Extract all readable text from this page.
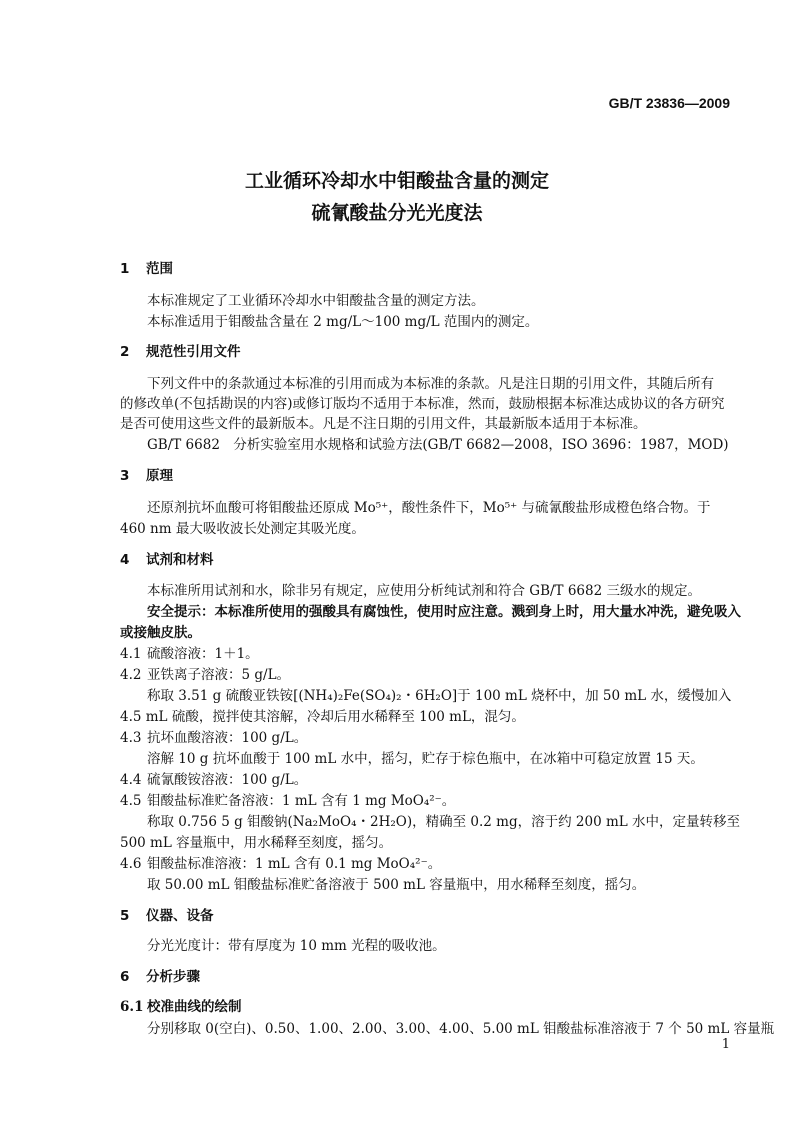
GB/T 23836—2009
工业循环冷却水中钼酸盐含量的测定
硫氰酸盐分光光度法
1 范围
本标准规定了工业循环冷却水中钼酸盐含量的测定方法。
本标准适用于钼酸盐含量在 2 mg/L～100 mg/L 范围内的测定。
2 规范性引用文件
下列文件中的条款通过本标准的引用而成为本标准的条款。凡是注日期的引用文件，其随后所有
的修改单(不包括勘误的内容)或修订版均不适用于本标准，然而，鼓励根据本标准达成协议的各方研究
是否可使用这些文件的最新版本。凡是不注日期的引用文件，其最新版本适用于本标准。
GB/T 6682　分析实验室用水规格和试验方法(GB/T 6682—2008，ISO 3696：1987，MOD)
3 原理
还原剂抗坏血酸可将钼酸盐还原成 Mo⁵⁺，酸性条件下，Mo⁵⁺ 与硫氰酸盐形成橙色络合物。于
460 nm 最大吸收波长处测定其吸光度。
4 试剂和材料
本标准所用试剂和水，除非另有规定，应使用分析纯试剂和符合 GB/T 6682 三级水的规定。
安全提示：本标准所使用的强酸具有腐蚀性，使用时应注意。溅到身上时，用大量水冲洗，避免吸入
或接触皮肤。
4.1 硫酸溶液：1＋1。
4.2 亚铁离子溶液：5 g/L。
称取 3.51 g 硫酸亚铁铵[(NH₄)₂Fe(SO₄)₂・6H₂O]于 100 mL 烧杯中，加 50 mL 水，缓慢加入
4.5 mL 硫酸，搅拌使其溶解，冷却后用水稀释至 100 mL，混匀。
4.3 抗坏血酸溶液：100 g/L。
溶解 10 g 抗坏血酸于 100 mL 水中，摇匀，贮存于棕色瓶中，在冰箱中可稳定放置 15 天。
4.4 硫氰酸铵溶液：100 g/L。
4.5 钼酸盐标准贮备溶液：1 mL 含有 1 mg MoO₄²⁻。
称取 0.756 5 g 钼酸钠(Na₂MoO₄・2H₂O)，精确至 0.2 mg，溶于约 200 mL 水中，定量转移至
500 mL 容量瓶中，用水稀释至刻度，摇匀。
4.6 钼酸盐标准溶液：1 mL 含有 0.1 mg MoO₄²⁻。
取 50.00 mL 钼酸盐标准贮备溶液于 500 mL 容量瓶中，用水稀释至刻度，摇匀。
5 仪器、设备
分光光度计：带有厚度为 10 mm 光程的吸收池。
6 分析步骤
6.1 校准曲线的绘制
分别移取 0(空白)、0.50、1.00、2.00、3.00、4.00、5.00 mL 钼酸盐标准溶液于 7 个 50 mL 容量瓶
1
